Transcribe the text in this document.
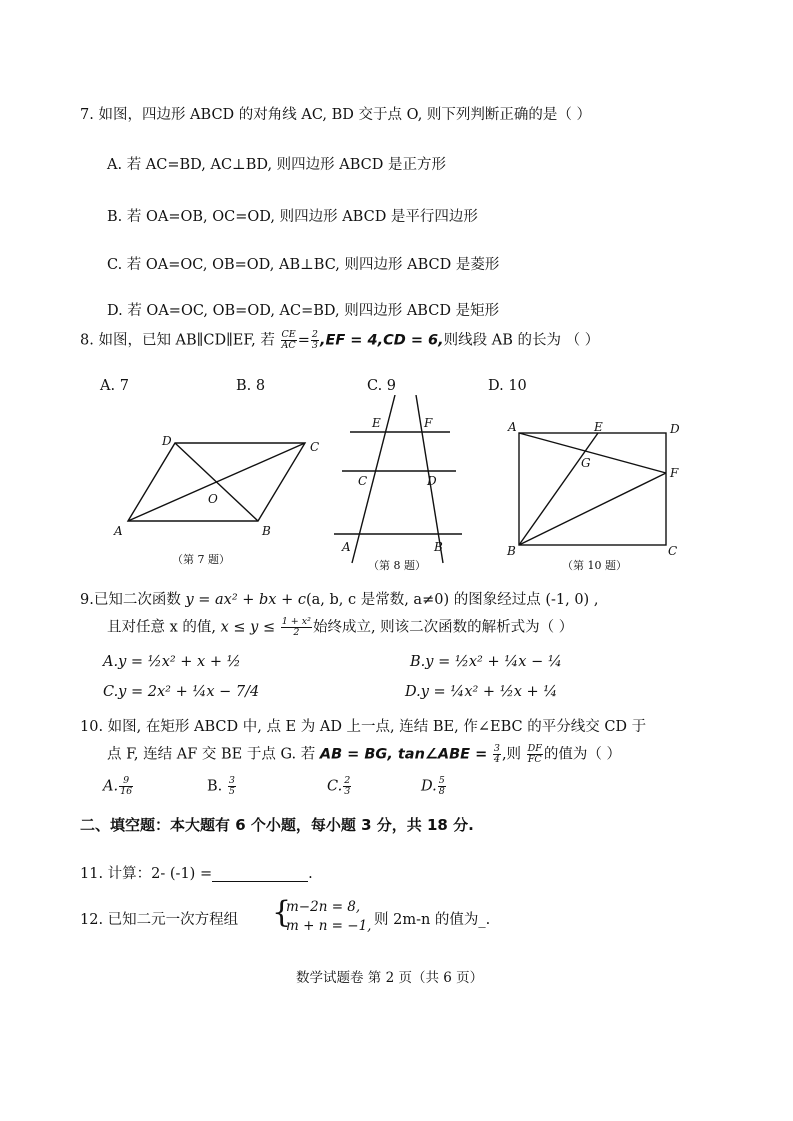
7. 如图，四边形 ABCD 的对角线 AC, BD 交于点 O, 则下列判断正确的是（ ）
A. 若 AC=BD, AC⊥BD, 则四边形 ABCD 是正方形
B. 若 OA=OB, OC=OD, 则四边形 ABCD 是平行四边形
C. 若 OA=OC, OB=OD, AB⊥BC, 则四边形 ABCD 是菱形
D. 若 OA=OC, OB=OD, AC=BD, 则四边形 ABCD 是矩形
8. 如图，已知 AB∥CD∥EF, 若 $\frac{CE}{AC} = \frac{2}{3} ,EF = 4,CD = 6$,则线段 AB 的长为 （ ）
A. 7	B. 8	C. 9	D. 10
D	C
A	B
O
（第 7 题）
E	F
C	D
A	B
（第 8 题）
A	E	D
G
F
B	C
（第 10 题）
9.已知二次函数 y = ax² + bx + c(a, b, c 是常数, a≠0) 的图象经过点 (-1, 0) ,
且对任意 x 的值, $x \le y \le \frac{\text{1 + x²}}{2}$ 始终成立, 则该二次函数的解析式为（ ）
A.y = ½x² + x + ½	B.y = ½x² + ¼x − ¼
C.y = 2x² + ¼x − 7/4	D.y = ¼x² + ½x + ¼
10. 如图, 在矩形 ABCD 中, 点 E 为 AD 上一点, 连结 BE, 作∠EBC 的平分线交 CD 于
点 F, 连结 AF 交 BE 于点 G. 若 AB = BG, tan∠ABE = $\frac{3}{4}$ ,则 $\frac{DF}{FC}$ 的值为（ ）
A. $\frac{9}{16}$	B. $\frac{3}{5}$	C. $\frac{2}{3}$	D. $\frac{5}{8}$
二、填空题：本大题有 6 个小题，每小题 3 分，共 18 分.
11. 计算：2- (-1) =	.
12. 已知二元一次方程组 {
m−2n = 8,
m + n = −1, 则 2m-n 的值为_.
数学试题卷 第 2 页（共 6 页）
